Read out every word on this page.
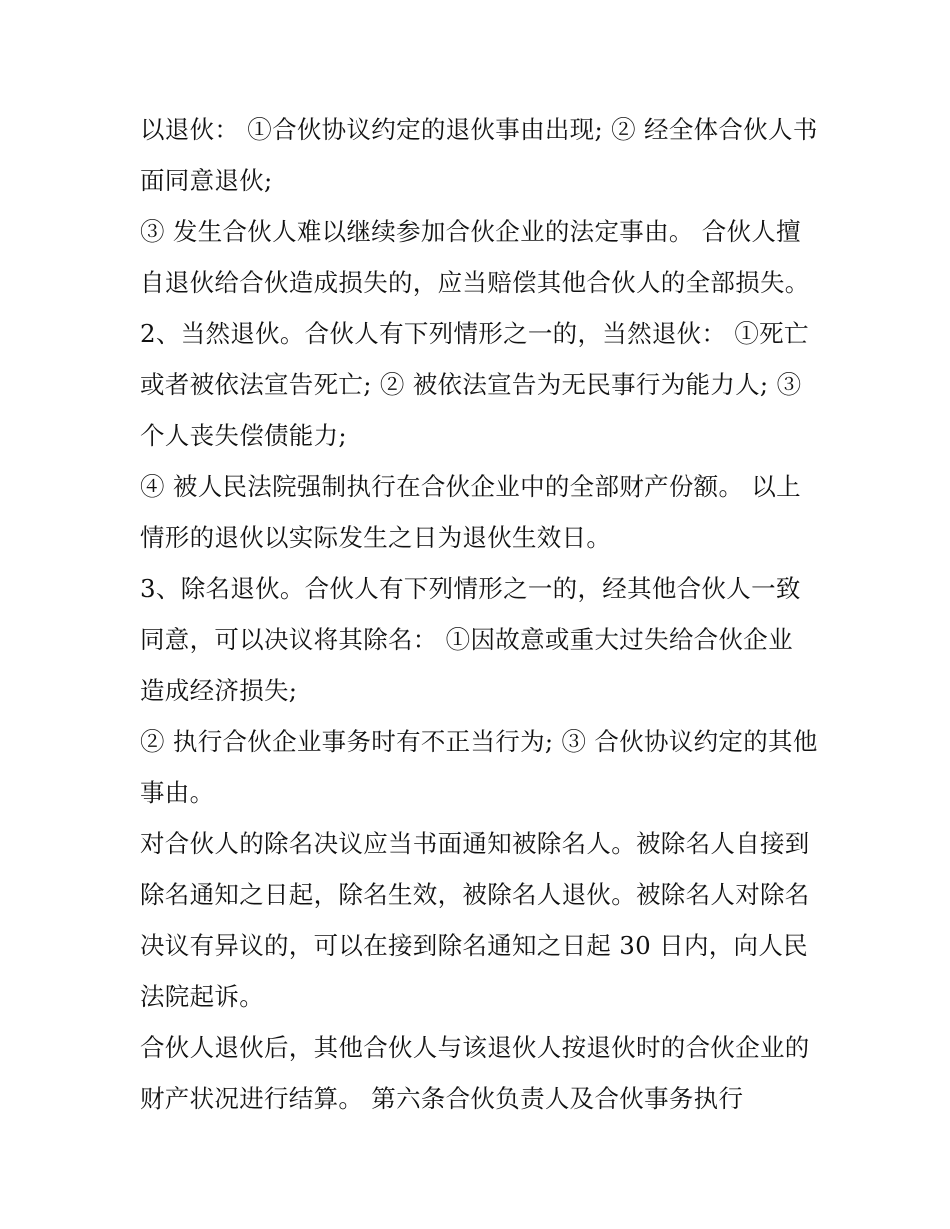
以退伙： ①合伙协议约定的退伙事由出现; ② 经全体合伙人书
面同意退伙;
③ 发生合伙人难以继续参加合伙企业的法定事由。 合伙人擅
自退伙给合伙造成损失的，应当赔偿其他合伙人的全部损失。
2、当然退伙。合伙人有下列情形之一的，当然退伙： ①死亡
或者被依法宣告死亡; ② 被依法宣告为无民事行为能力人; ③
个人丧失偿债能力;
④ 被人民法院强制执行在合伙企业中的全部财产份额。 以上
情形的退伙以实际发生之日为退伙生效日。
3、除名退伙。合伙人有下列情形之一的，经其他合伙人一致
同意，可以决议将其除名： ①因故意或重大过失给合伙企业
造成经济损失;
② 执行合伙企业事务时有不正当行为; ③ 合伙协议约定的其他
事由。
对合伙人的除名决议应当书面通知被除名人。被除名人自接到
除名通知之日起，除名生效，被除名人退伙。被除名人对除名
决议有异议的，可以在接到除名通知之日起 30 日内，向人民
法院起诉。
合伙人退伙后，其他合伙人与该退伙人按退伙时的合伙企业的
财产状况进行结算。 第六条合伙负责人及合伙事务执行
